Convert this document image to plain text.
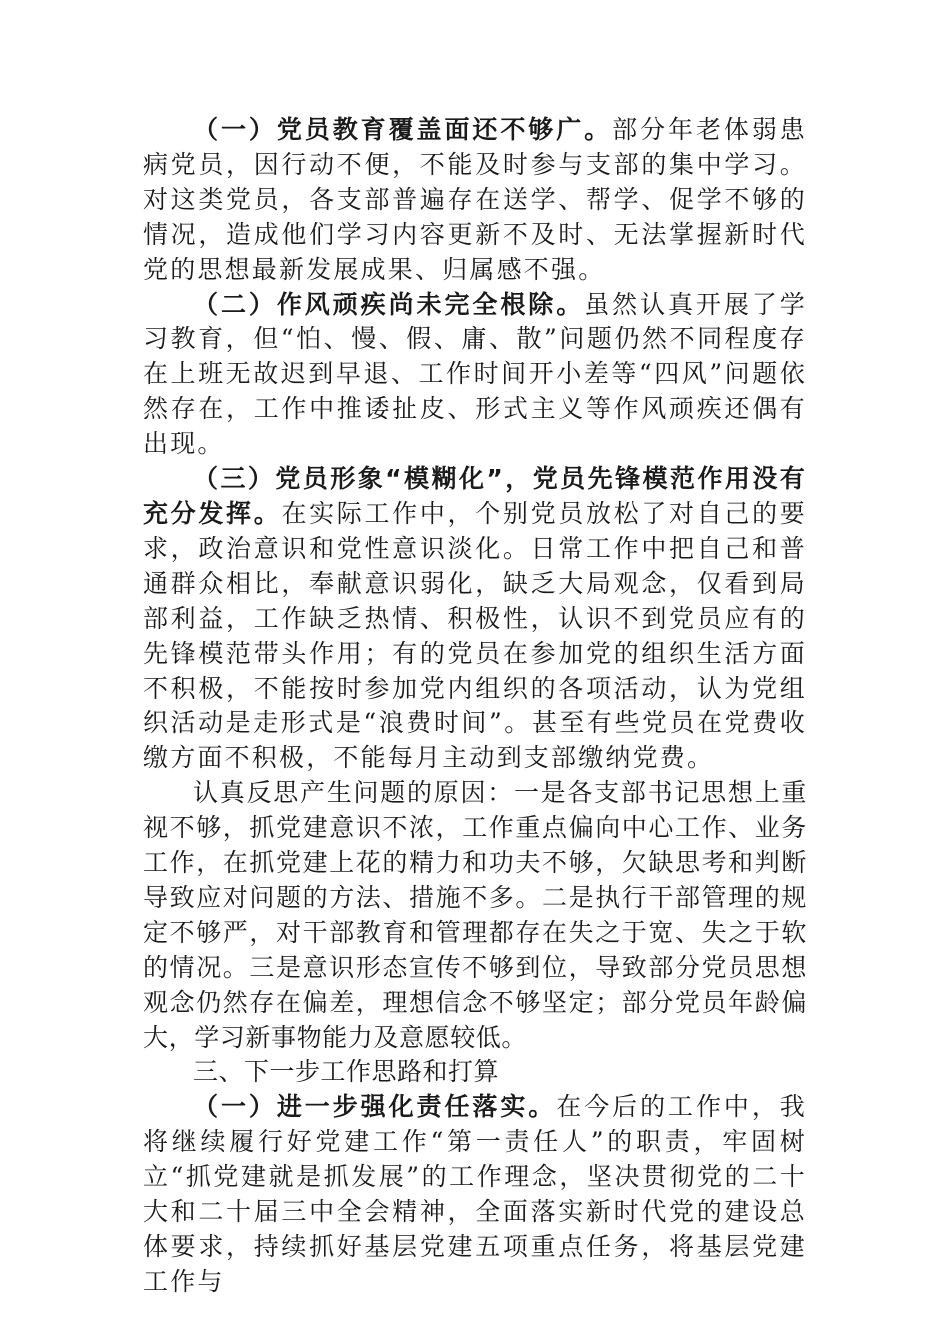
（一）党员教育覆盖面还不够广。部分年老体弱患病党员，因行动不便，不能及时参与支部的集中学习。对这类党员，各支部普遍存在送学、帮学、促学不够的情况，造成他们学习内容更新不及时、无法掌握新时代党的思想最新发展成果、归属感不强。

（二）作风顽疾尚未完全根除。虽然认真开展了学习教育，但“怕、慢、假、庸、散”问题仍然不同程度存在上班无故迟到早退、工作时间开小差等“四风”问题依然存在，工作中推诿扯皮、形式主义等作风顽疾还偶有出现。

（三）党员形象“模糊化”，党员先锋模范作用没有充分发挥。在实际工作中，个别党员放松了对自己的要求，政治意识和党性意识淡化。日常工作中把自己和普通群众相比，奉献意识弱化，缺乏大局观念，仅看到局部利益，工作缺乏热情、积极性，认识不到党员应有的先锋模范带头作用；有的党员在参加党的组织生活方面不积极，不能按时参加党内组织的各项活动，认为党组织活动是走形式是“浪费时间”。甚至有些党员在党费收缴方面不积极，不能每月主动到支部缴纳党费。

认真反思产生问题的原因：一是各支部书记思想上重视不够，抓党建意识不浓，工作重点偏向中心工作、业务工作，在抓党建上花的精力和功夫不够，欠缺思考和判断导致应对问题的方法、措施不多。二是执行干部管理的规定不够严，对干部教育和管理都存在失之于宽、失之于软的情况。三是意识形态宣传不够到位，导致部分党员思想观念仍然存在偏差，理想信念不够坚定；部分党员年龄偏大，学习新事物能力及意愿较低。

三、下一步工作思路和打算

（一）进一步强化责任落实。在今后的工作中，我将继续履行好党建工作“第一责任人”的职责，牢固树立“抓党建就是抓发展”的工作理念，坚决贯彻党的二十大和二十届三中全会精神，全面落实新时代党的建设总体要求，持续抓好基层党建五项重点任务，将基层党建工作与
